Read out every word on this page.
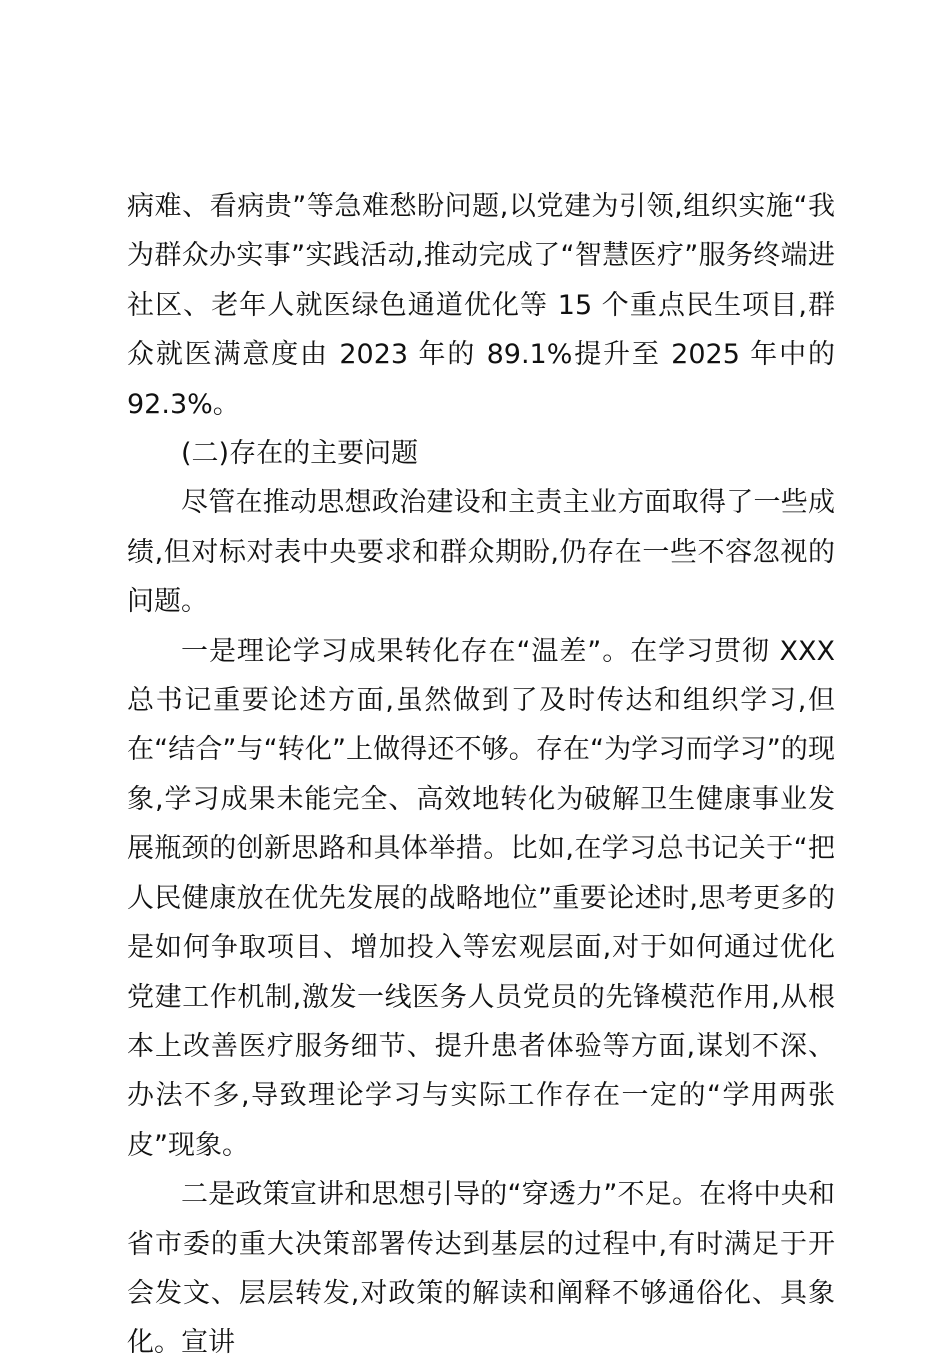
病难、看病贵”等急难愁盼问题,以党建为引领,组织实施“我为群众办实事”实践活动,推动完成了“智慧医疗”服务终端进社区、老年人就医绿色通道优化等 15 个重点民生项目,群众就医满意度由 2023 年的 89.1%提升至 2025 年中的 92.3%。

(二)存在的主要问题

尽管在推动思想政治建设和主责主业方面取得了一些成绩,但对标对表中央要求和群众期盼,仍存在一些不容忽视的问题。

一是理论学习成果转化存在“温差”。在学习贯彻 XXX 总书记重要论述方面,虽然做到了及时传达和组织学习,但在“结合”与“转化”上做得还不够。存在“为学习而学习”的现象,学习成果未能完全、高效地转化为破解卫生健康事业发展瓶颈的创新思路和具体举措。比如,在学习总书记关于“把人民健康放在优先发展的战略地位”重要论述时,思考更多的是如何争取项目、增加投入等宏观层面,对于如何通过优化党建工作机制,激发一线医务人员党员的先锋模范作用,从根本上改善医疗服务细节、提升患者体验等方面,谋划不深、办法不多,导致理论学习与实际工作存在一定的“学用两张皮”现象。

二是政策宣讲和思想引导的“穿透力”不足。在将中央和省市委的重大决策部署传达到基层的过程中,有时满足于开会发文、层层转发,对政策的解读和阐释不够通俗化、具象化。宣讲
